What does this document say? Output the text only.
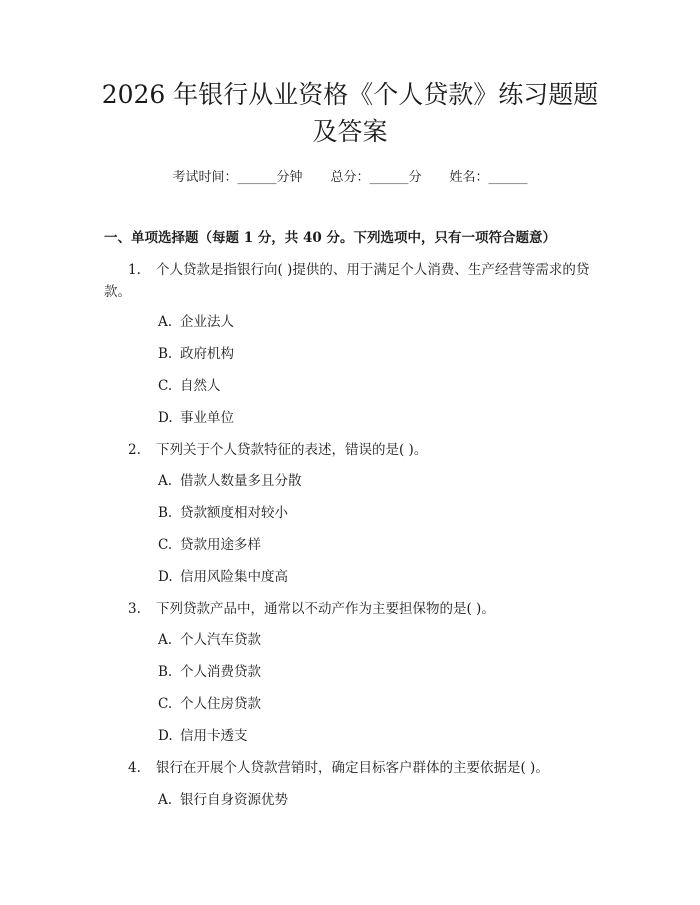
2026 年银行从业资格《个人贷款》练习题题
及答案
考试时间：______分钟 总分：______分 姓名：______

一、单项选择题（每题 1 分，共 40 分。下列选项中，只有一项符合题意）

1. 个人贷款是指银行向( )提供的、用于满足个人消费、生产经营等需求的贷款。

A. 企业法人

B. 政府机构

C. 自然人

D. 事业单位

2. 下列关于个人贷款特征的表述，错误的是( )。

A. 借款人数量多且分散

B. 贷款额度相对较小

C. 贷款用途多样

D. 信用风险集中度高

3. 下列贷款产品中，通常以不动产作为主要担保物的是( )。

A. 个人汽车贷款

B. 个人消费贷款

C. 个人住房贷款

D. 信用卡透支

4. 银行在开展个人贷款营销时，确定目标客户群体的主要依据是( )。

A. 银行自身资源优势
